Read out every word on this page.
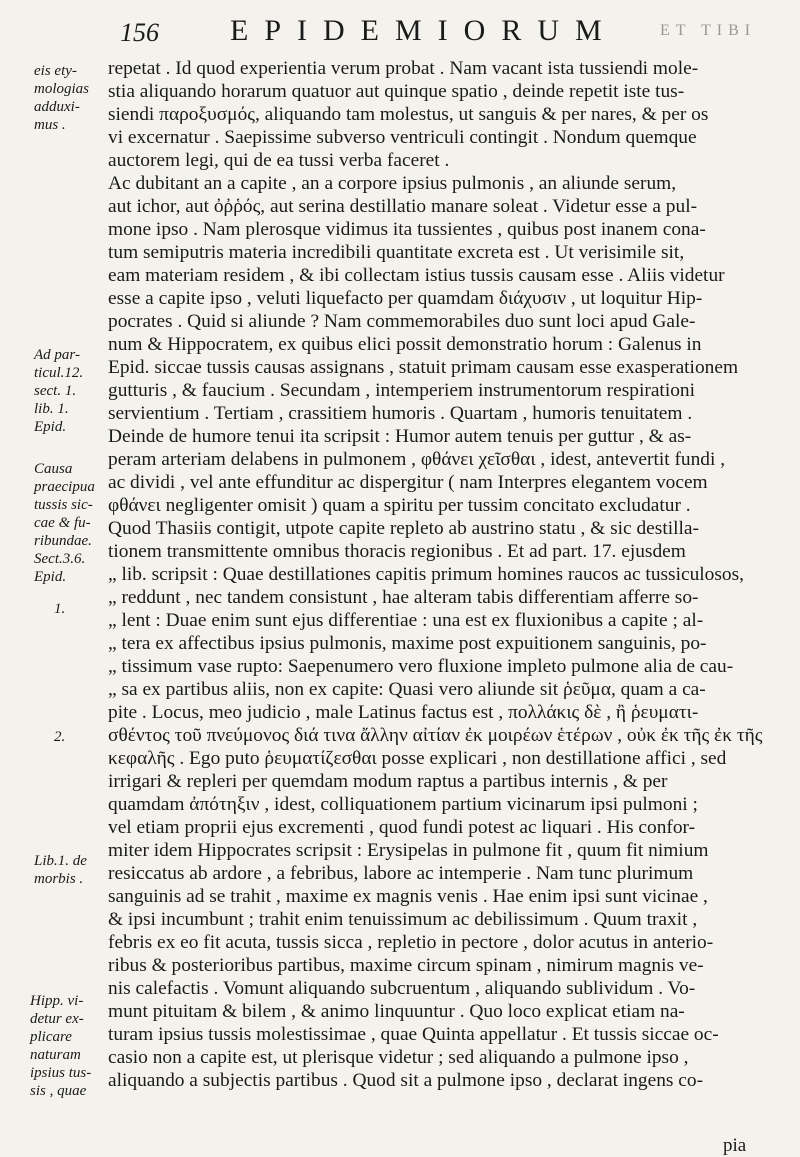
156 EPIDEMIORUM	ET TIBI
eis ety-
mologias
adduxi-
mus .
Ad par-
ticul.12.
sect. 1.
lib. 1.
Epid.
Causa
praecipua
tussis sic-
cae & fu-
ribundae.
Sect.3.6.
Epid.
1.
2.
Lib.1. de
morbis .
Hipp. vi-
detur ex-
plicare
naturam
ipsius tus-
sis , quae
repetat . Id quod experientia verum probat . Nam vacant ista tussiendi mole-
stia aliquando horarum quatuor aut quinque spatio , deinde repetit iste tus-
siendi παροξυσμός, aliquando tam molestus, ut sanguis & per nares, & per os
vi excernatur . Saepissime subverso ventriculi contingit . Nondum quemque
auctorem legi, qui de ea tussi verba faceret .
Ac dubitant an a capite , an a corpore ipsius pulmonis , an aliunde serum,
aut ichor, aut ὀῤῥός, aut serina destillatio manare soleat . Videtur esse a pul-
mone ipso . Nam plerosque vidimus ita tussientes , quibus post inanem cona-
tum semiputris materia incredibili quantitate excreta est . Ut verisimile sit,
eam materiam residem , & ibi collectam istius tussis causam esse . Aliis videtur
esse a capite ipso , veluti liquefacto per quamdam διάχυσιν , ut loquitur Hip-
pocrates . Quid si aliunde ? Nam commemorabiles duo sunt loci apud Gale-
num & Hippocratem, ex quibus elici possit demonstratio horum : Galenus in
Epid. siccae tussis causas assignans , statuit primam causam esse exasperationem
gutturis , & faucium . Secundam , intemperiem instrumentorum respirationi
servientium . Tertiam , crassitiem humoris . Quartam , humoris tenuitatem .
Deinde de humore tenui ita scripsit : Humor autem tenuis per guttur , & as-
peram arteriam delabens in pulmonem , φθάνει χεῖσθαι , idest, antevertit fundi ,
ac dividi , vel ante effunditur ac dispergitur ( nam Interpres elegantem vocem
φθάνει negligenter omisit ) quam a spiritu per tussim concitato excludatur .
Quod Thasiis contigit, utpote capite repleto ab austrino statu , & sic destilla-
tionem transmittente omnibus thoracis regionibus . Et ad part. 17. ejusdem
„ lib. scripsit : Quae destillationes capitis primum homines raucos ac tussiculosos,
„ reddunt , nec tandem consistunt , hae alteram tabis differentiam afferre so-
„ lent : Duae enim sunt ejus differentiae : una est ex fluxionibus a capite ; al-
„ tera ex affectibus ipsius pulmonis, maxime post expuitionem sanguinis, po-
„ tissimum vase rupto: Saepenumero vero fluxione impleto pulmone alia de cau-
„ sa ex partibus aliis, non ex capite: Quasi vero aliunde sit ῥεῦμα, quam a ca-
pite . Locus, meo judicio , male Latinus factus est , πολλάκις δὲ , ἢ ῥευματι-
σθέντος τοῦ πνεύμονος διά τινα ἄλλην αἰτίαν ἐκ μοιρέων ἑτέρων , οὐκ ἐκ τῆς ἐκ τῆς
κεφαλῆς . Ego puto ῥευματίζεσθαι posse explicari , non destillatione affici , sed
irrigari & repleri per quemdam modum raptus a partibus internis , & per
quamdam ἀπότηξιν , idest, colliquationem partium vicinarum ipsi pulmoni ;
vel etiam proprii ejus excrementi , quod fundi potest ac liquari . His confor-
miter idem Hippocrates scripsit : Erysipelas in pulmone fit , quum fit nimium
resiccatus ab ardore , a febribus, labore ac intemperie . Nam tunc plurimum
sanguinis ad se trahit , maxime ex magnis venis . Hae enim ipsi sunt vicinae ,
& ipsi incumbunt ; trahit enim tenuissimum ac debilissimum . Quum traxit ,
febris ex eo fit acuta, tussis sicca , repletio in pectore , dolor acutus in anterio-
ribus & posterioribus partibus, maxime circum spinam , nimirum magnis ve-
nis calefactis . Vomunt aliquando subcruentum , aliquando sublividum . Vo-
munt pituitam & bilem , & animo linquuntur . Quo loco explicat etiam na-
turam ipsius tussis molestissimae , quae Quinta appellatur . Et tussis siccae oc-
casio non a capite est, ut plerisque videtur ; sed aliquando a pulmone ipso ,
aliquando a subjectis partibus . Quod sit a pulmone ipso , declarat ingens co-
pia
